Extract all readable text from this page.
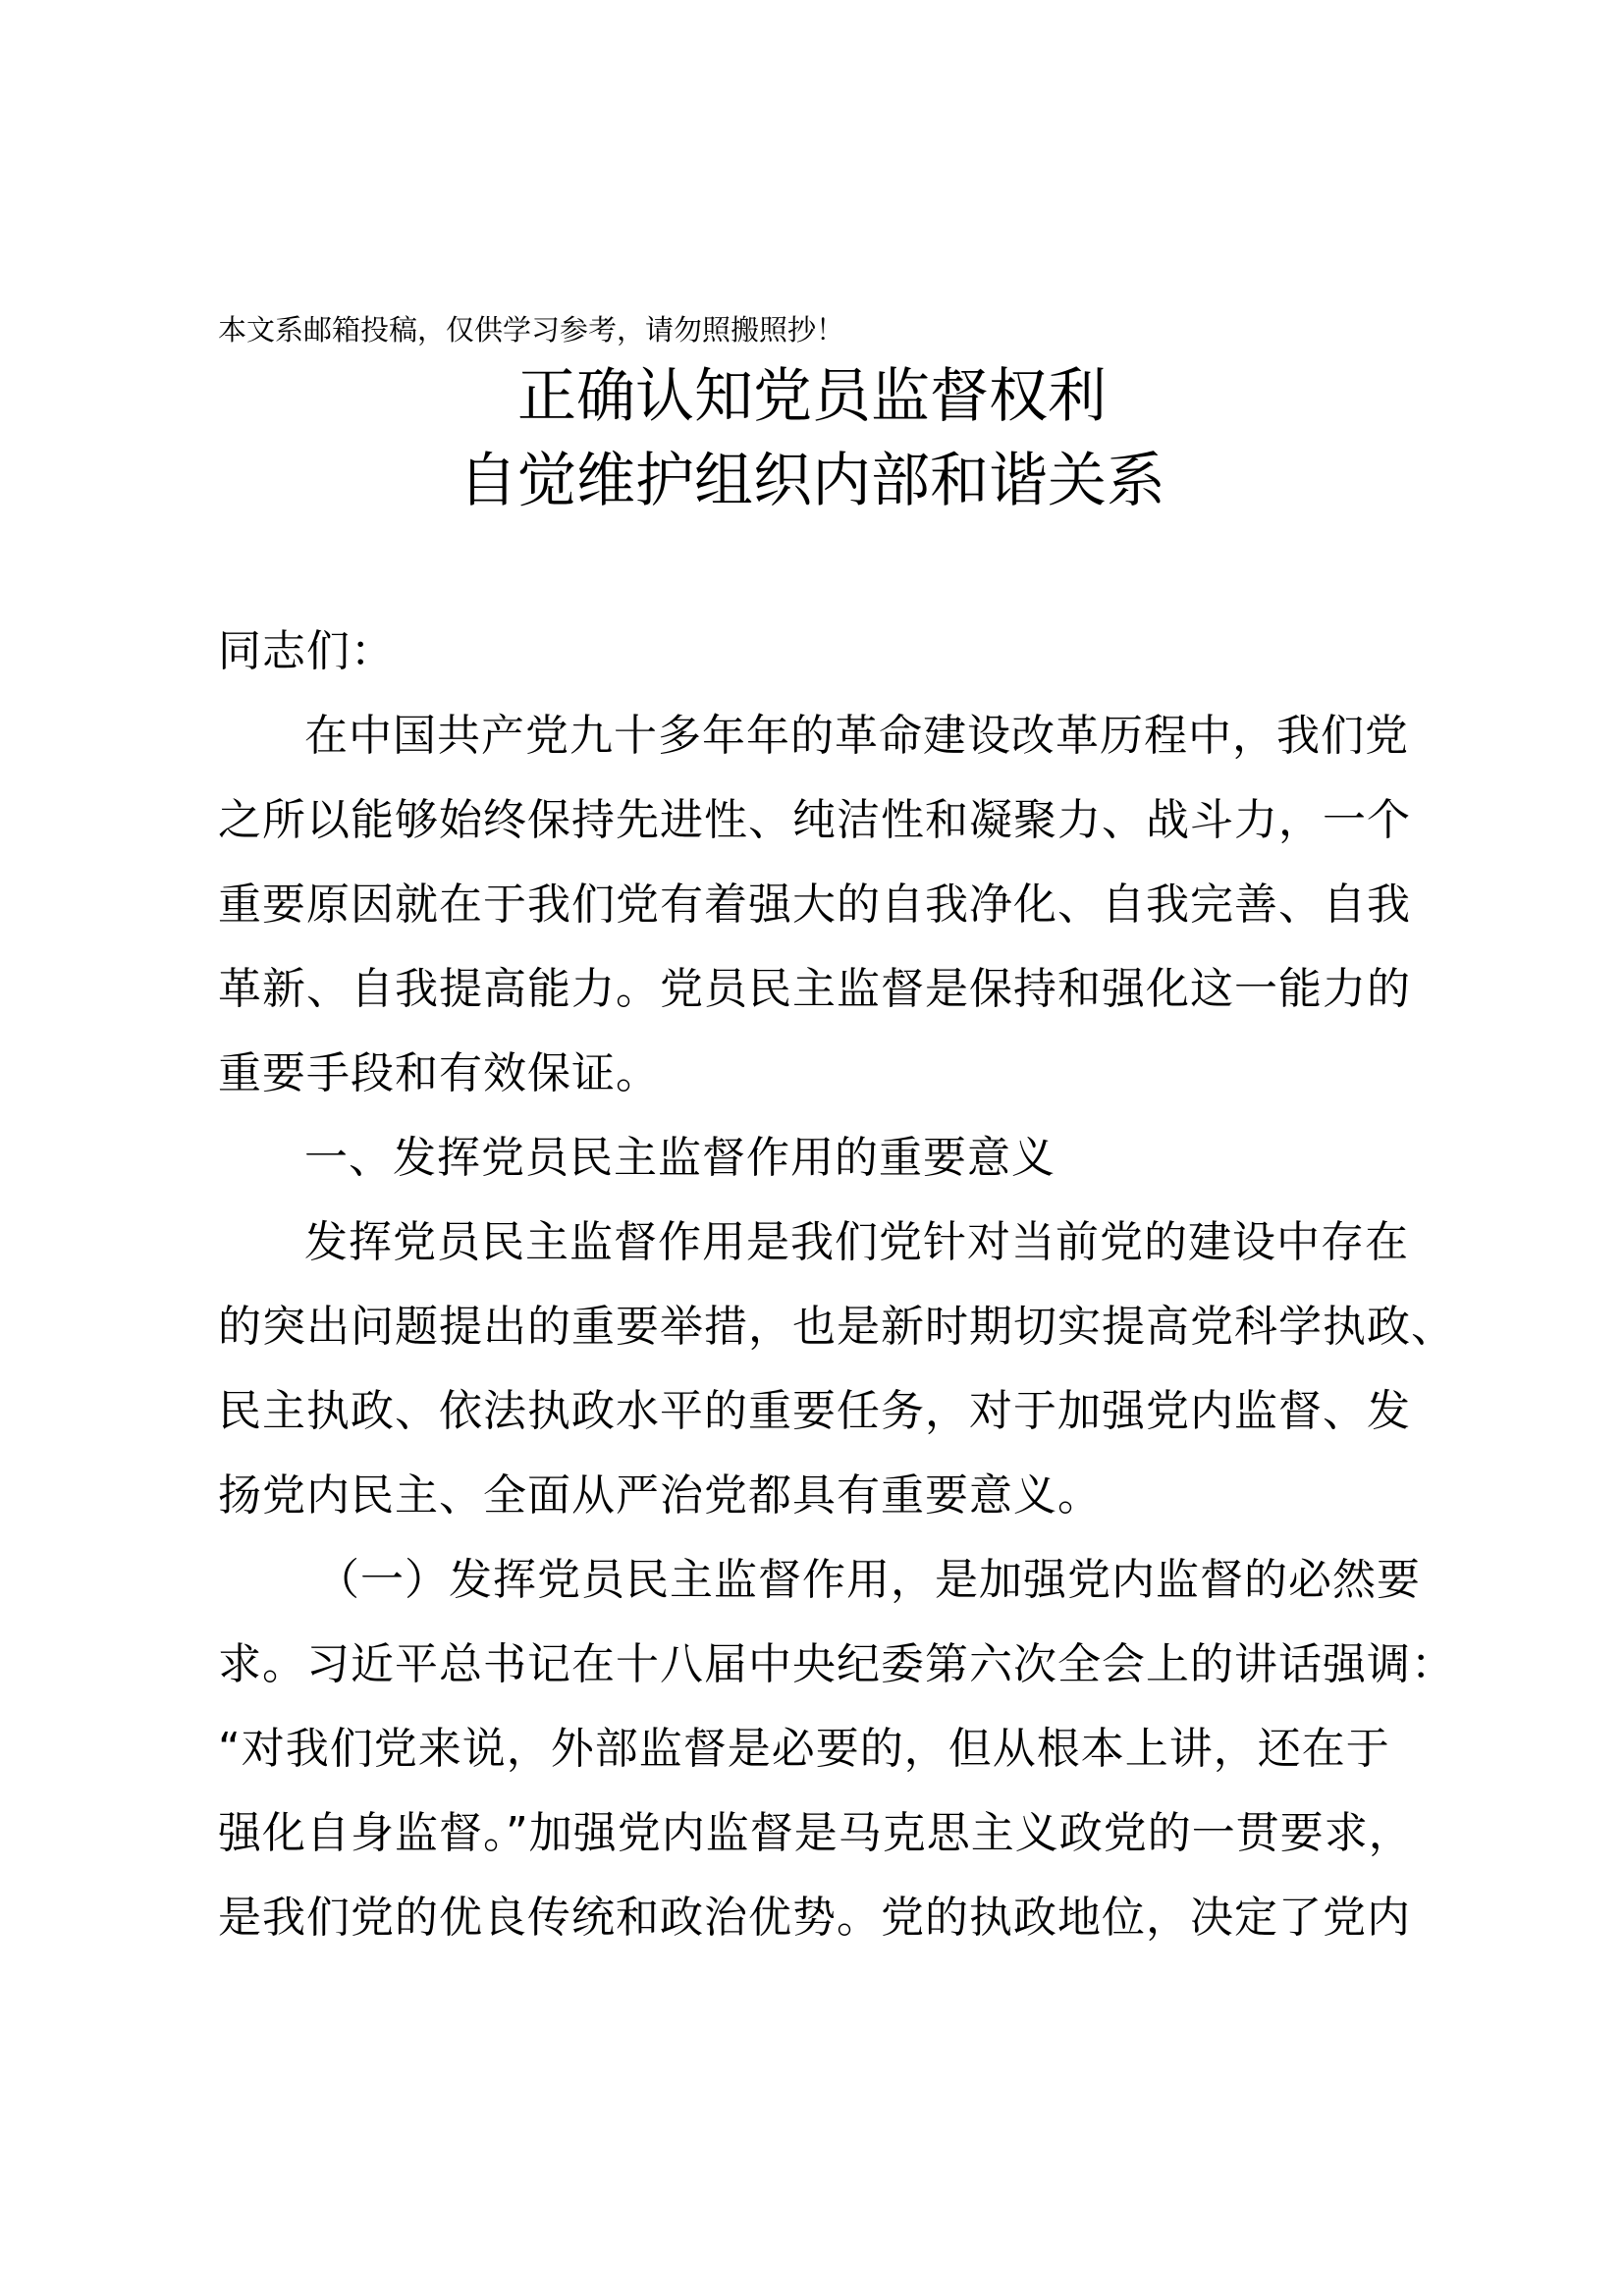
本文系邮箱投稿，仅供学习参考，请勿照搬照抄！
正确认知党员监督权利
自觉维护组织内部和谐关系
同志们：
在中国共产党九十多年年的革命建设改革历程中，我们党
之所以能够始终保持先进性、纯洁性和凝聚力、战斗力，一个
重要原因就在于我们党有着强大的自我净化、自我完善、自我
革新、自我提高能力。党员民主监督是保持和强化这一能力的
重要手段和有效保证。
一、发挥党员民主监督作用的重要意义
发挥党员民主监督作用是我们党针对当前党的建设中存在
的突出问题提出的重要举措，也是新时期切实提高党科学执政、
民主执政、依法执政水平的重要任务，对于加强党内监督、发
扬党内民主、全面从严治党都具有重要意义。
（一）发挥党员民主监督作用，是加强党内监督的必然要
求。习近平总书记在十八届中央纪委第六次全会上的讲话强调：
“对我们党来说，外部监督是必要的，但从根本上讲，还在于
强化自身监督。”加强党内监督是马克思主义政党的一贯要求，
是我们党的优良传统和政治优势。党的执政地位，决定了党内
